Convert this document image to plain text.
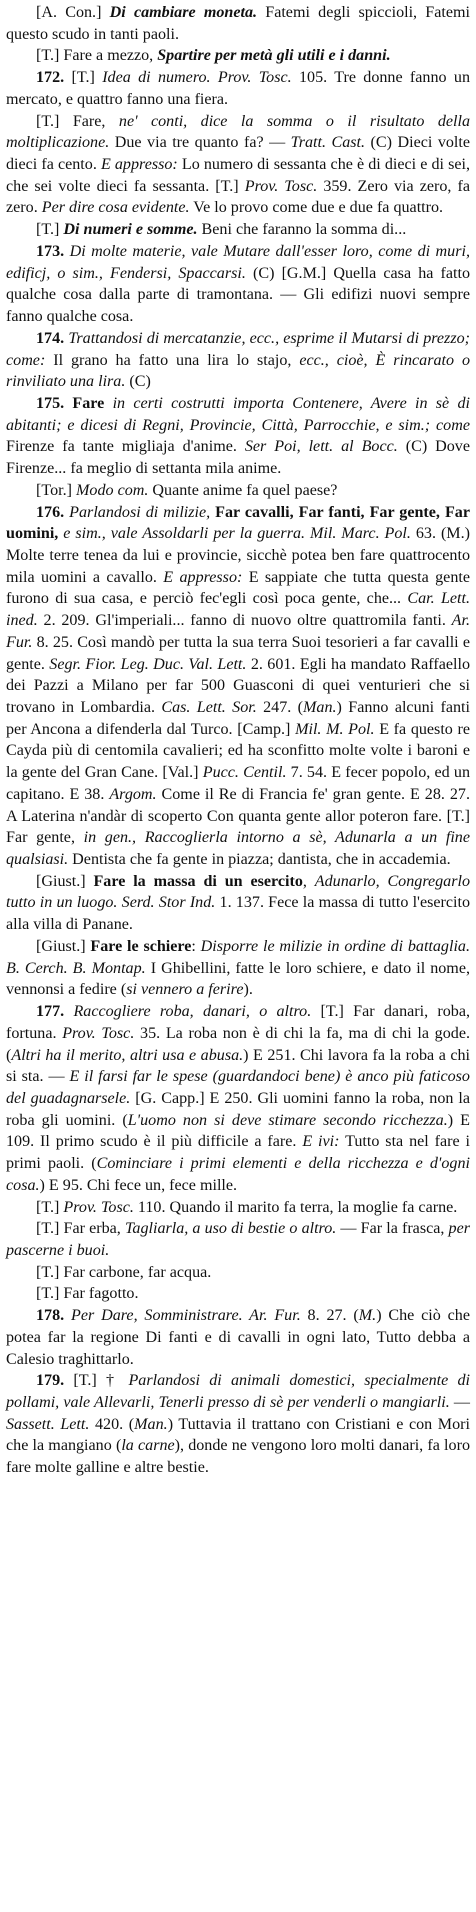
[A. Con.] Di cambiare moneta. Fatemi degli spiccioli, Fatemi questo scudo in tanti paoli.

[T.] Fare a mezzo, Spartire per metà gli utili e i danni.

172. [T.] Idea di numero. Prov. Tosc. 105. Tre donne fanno un mercato, e quattro fanno una fiera.

[T.] Fare, ne' conti, dice la somma o il risultato della moltiplicazione. Due via tre quanto fa? — Tratt. Cast. (C) Dieci volte dieci fa cento. E appresso: Lo numero di sessanta che è di dieci e di sei, che sei volte dieci fa sessanta. [T.] Prov. Tosc. 359. Zero via zero, fa zero. Per dire cosa evidente. Ve lo provo come due e due fa quattro.

[T.] Di numeri e somme. Beni che faranno la somma di...

173. Di molte materie, vale Mutare dall'esser loro, come di muri, edificj, o sim., Fendersi, Spaccarsi. (C) [G.M.] Quella casa ha fatto qualche cosa dalla parte di tramontana. — Gli edifizi nuovi sempre fanno qualche cosa.

174. Trattandosi di mercatanzie, ecc., esprime il Mutarsi di prezzo; come: Il grano ha fatto una lira lo stajo, ecc., cioè, È rincarato o rinviliato una lira. (C)

175. Fare in certi costrutti importa Contenere, Avere in sè di abitanti; e dicesi di Regni, Provincie, Città, Parrocchie, e sim.; come Firenze fa tante migliaja d'anime. Ser Poi, lett. al Bocc. (C) Dove Firenze... fa meglio di settanta mila anime.

[Tor.] Modo com. Quante anime fa quel paese?

176. Parlandosi di milizie, Far cavalli, Far fanti, Far gente, Far uomini, e sim., vale Assoldarli per la guerra. Mil. Marc. Pol. 63. (M.) Molte terre tenea da lui e provincie, sicchè potea ben fare quattrocento mila uomini a cavallo. E appresso: E sappiate che tutta questa gente furono di sua casa, e perciò fec'egli così poca gente, che... Car. Lett. ined. 2. 209. Gl'imperiali... fanno di nuovo oltre quattromila fanti. Ar. Fur. 8. 25. Così mandò per tutta la sua terra Suoi tesorieri a far cavalli e gente. Segr. Fior. Leg. Duc. Val. Lett. 2. 601. Egli ha mandato Raffaello dei Pazzi a Milano per far 500 Guasconi di quei venturieri che si trovano in Lombardia. Cas. Lett. Sor. 247. (Man.) Fanno alcuni fanti per Ancona a difenderla dal Turco. [Camp.] Mil. M. Pol. E fa questo re Cayda più di centomila cavalieri; ed ha sconfitto molte volte i baroni e la gente del Gran Cane. [Val.] Pucc. Centil. 7. 54. E fecer popolo, ed un capitano. E 38. Argom. Come il Re di Francia fe' gran gente. E 28. 27. A Laterina n'andàr di scoperto Con quanta gente allor poteron fare. [T.] Far gente, in gen., Raccoglierla intorno a sè, Adunarla a un fine qualsiasi. Dentista che fa gente in piazza; dantista, che in accademia.

[Giust.] Fare la massa di un esercito, Adunarlo, Congregarlo tutto in un luogo. Serd. Stor Ind. 1. 137. Fece la massa di tutto l'esercito alla villa di Panane.

[Giust.] Fare le schiere: Disporre le milizie in ordine di battaglia. B. Cerch. B. Montap. I Ghibellini, fatte le loro schiere, e dato il nome, vennonsi a fedire (si vennero a ferire).

177. Raccogliere roba, danari, o altro. [T.] Far danari, roba, fortuna. Prov. Tosc. 35. La roba non è di chi la fa, ma di chi la gode. (Altri ha il merito, altri usa e abusa.) E 251. Chi lavora fa la roba a chi si sta. — E il farsi far le spese (guardandoci bene) è anco più faticoso del guadagnarsele. [G. Capp.] E 250. Gli uomini fanno la roba, non la roba gli uomini. (L'uomo non si deve stimare secondo ricchezza.) E 109. Il primo scudo è il più difficile a fare. E ivi: Tutto sta nel fare i primi paoli. (Cominciare i primi elementi e della ricchezza e d'ogni cosa.) E 95. Chi fece un, fece mille.

[T.] Prov. Tosc. 110. Quando il marito fa terra, la moglie fa carne.

[T.] Far erba, Tagliarla, a uso di bestie o altro. — Far la frasca, per pascerne i buoi.

[T.] Far carbone, far acqua.

[T.] Far fagotto.

178. Per Dare, Somministrare. Ar. Fur. 8. 27. (M.) Che ciò che potea far la regione Di fanti e di cavalli in ogni lato, Tutto debba a Calesio traghittarlo.

179. [T.] † Parlandosi di animali domestici, specialmente di pollami, vale Allevarli, Tenerli presso di sè per venderli o mangiarli. — Sassett. Lett. 420. (Man.) Tuttavia il trattano con Cristiani e con Mori che la mangiano (la carne), donde ne vengono loro molti danari, fa loro fare molte galline e altre bestie.
